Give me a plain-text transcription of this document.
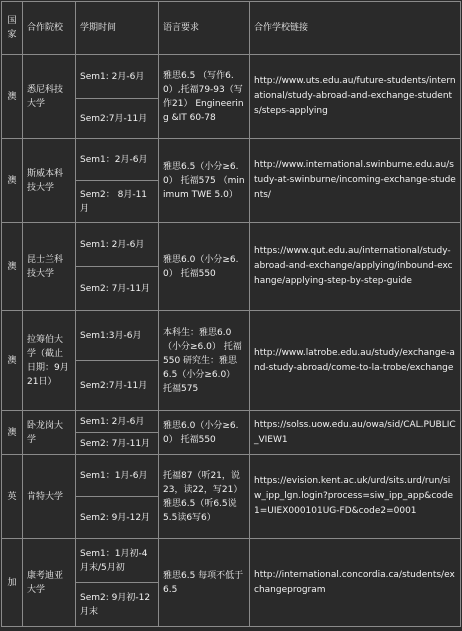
国家	合作院校	学期时间	语言要求	合作学校链接
澳	悉尼科技大学	Sem1: 2月-6月	雅思6.5 （写作6.0）,托福79-93（写作21） Engineering &IT 60-78	http://www.uts.edu.au/future-students/international/study-abroad-and-exchange-students/steps-applying
		Sem2:7月-11月		
澳	斯威本科技大学	Sem1：2月-6月	雅思6.5（小分≥6.0） 托福575 （minimum TWE 5.0）	http://www.international.swinburne.edu.au/study-at-swinburne/incoming-exchange-students/
		Sem2： 8月-11月		
澳	昆士兰科技大学	Sem1: 2月-6月	雅思6.0（小分≥6.0） 托福550	https://www.qut.edu.au/international/study-abroad-and-exchange/applying/inbound-exchange/applying-step-by-step-guide
		Sem2: 7月-11月		
澳	拉筹伯大学（截止日期：9月21日）	Sem1:3月-6月	本科生：雅思6.0（小分≥6.0） 托福550 研究生：雅思6.5（小分≥6.0） 托福575	http://www.latrobe.edu.au/study/exchange-and-study-abroad/come-to-la-trobe/exchange
		Sem2:7月-11月		
澳	卧龙岗大学	Sem1: 2月-6月	雅思6.0（小分≥6.0） 托福550	https://solss.uow.edu.au/owa/sid/CAL.PUBLIC_VIEW1
		Sem2: 7月-11月		
英	肯特大学	Sem1：1月-6月	托福87（听21，说23，读22，写21） 雅思6.5（听6.5说5.5读6写6）	https://evision.kent.ac.uk/urd/sits.urd/run/siw_ipp_lgn.login?process=siw_ipp_app&code1=UIEX000101UG-FD&code2=0001
		Sem2: 9月-12月		
加	康考迪亚大学	Sem1：1月初-4月末/5月初	雅思6.5 每项不低于6.5	http://international.concordia.ca/students/exchangeprogram
		Sem2: 9月初-12月末		
